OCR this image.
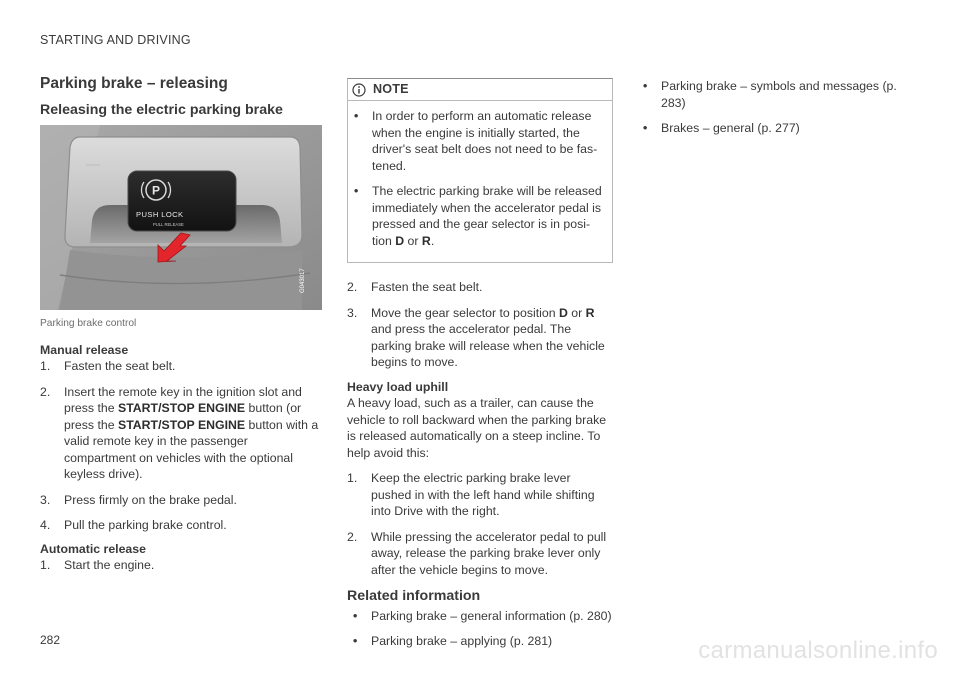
STARTING AND DRIVING
Parking brake – releasing
Releasing the electric parking brake
P
PUSH LOCK
PULL RELEASE
G043017
Parking brake control
Manual release
1. Fasten the seat belt.
2. Insert the remote key in the ignition slot and press the START/STOP ENGINE button (or press the START/STOP ENGINE button with a valid remote key in the passenger compartment on vehicles with the optional keyless drive).
3. Press firmly on the brake pedal.
4. Pull the parking brake control.
Automatic release
1. Start the engine.
NOTE
• In order to perform an automatic release when the engine is initially started, the driver's seat belt does not need to be fas-tened.
• The electric parking brake will be released immediately when the accelerator pedal is pressed and the gear selector is in posi-tion D or R.
2. Fasten the seat belt.
3. Move the gear selector to position D or R and press the accelerator pedal. The parking brake will release when the vehicle begins to move.
Heavy load uphill

A heavy load, such as a trailer, can cause the vehicle to roll backward when the parking brake is released automatically on a steep incline. To help avoid this:

1. Keep the electric parking brake lever pushed in with the left hand while shifting into Drive with the right.
2. While pressing the accelerator pedal to pull away, release the parking brake lever only after the vehicle begins to move.
Related information
• Parking brake – general information (p. 280)
• Parking brake – applying (p. 281)
• Parking brake – symbols and messages (p. 283)
• Brakes – general (p. 277)
282	carmanualsonline.info
